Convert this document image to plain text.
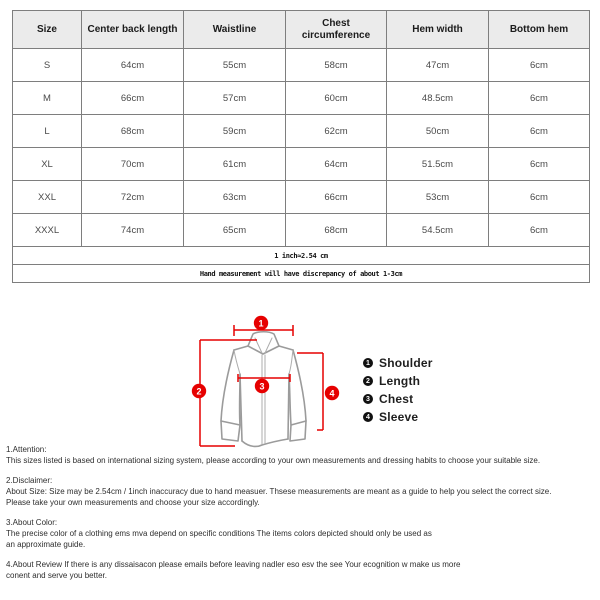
Size	Center back length	Waistline	Chest circumference	Hem width	Bottom hem
S	64cm	55cm	58cm	47cm	6cm
M	66cm	57cm	60cm	48.5cm	6cm
L	68cm	59cm	62cm	50cm	6cm
XL	70cm	61cm	64cm	51.5cm	6cm
XXL	72cm	63cm	66cm	53cm	6cm
XXXL	74cm	65cm	68cm	54.5cm	6cm
1 inch≈2.54 cm					
Hand measurement will have discrepancy of about 1-3cm					
1
2	3
4
1 Shoulder
2 Length
3 Chest
4 Sleeve
1.Attention:
This sizes listed is based on international sizing system, please according to your own measurements and dressing habits to choose your suitable size.
2.Disclaimer:
About Size: Size may be 2.54cm / 1inch inaccuracy due to hand measuer. Thsese measurements are meant as a guide to help you select the correct size.
Please take your own measurements and choose your size accordingly.
3.About Color:
The precise color of a clothing ems mva depend on specific conditions The items colors depicted should only be used as
an approximate guide.
4.About Review If there is any dissaisacon please emails before leaving nadler eso esv the see Your ecognition w make us more
conent and serve you better.
